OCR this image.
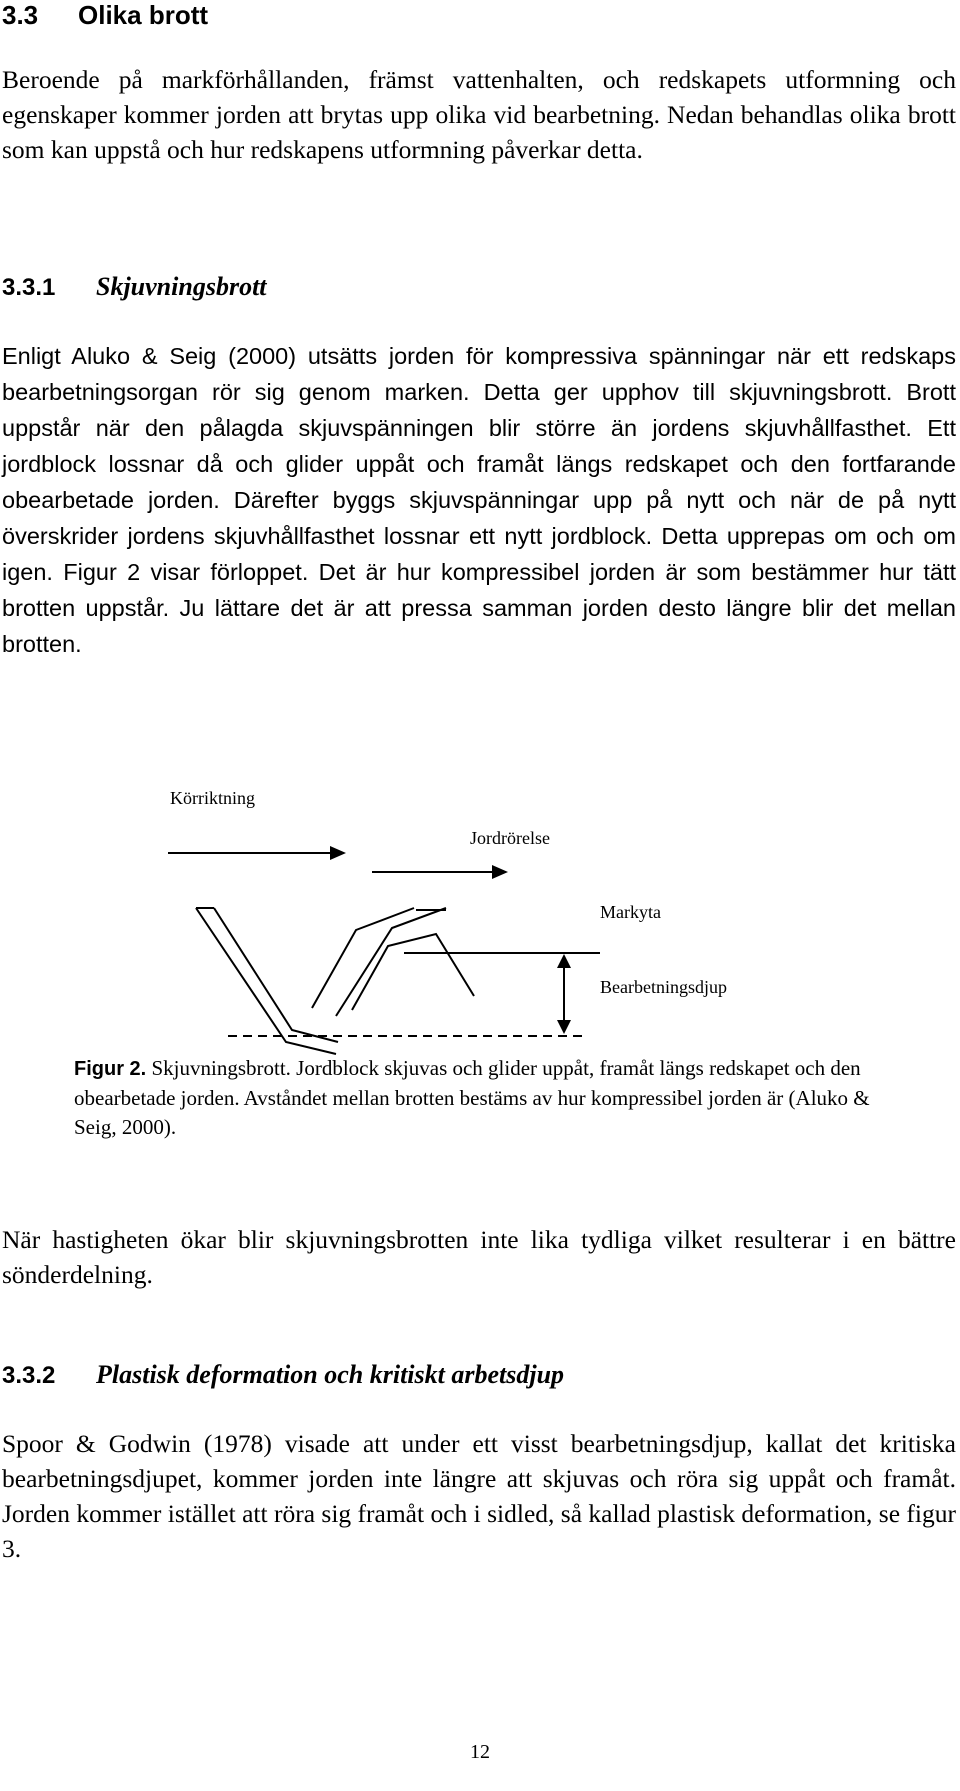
3.3 Olika brott

Beroende på markförhållanden, främst vattenhalten, och redskapets utformning och egenskaper kommer jorden att brytas upp olika vid bearbetning. Nedan behandlas olika brott som kan uppstå och hur redskapens utformning påverkar detta.

3.3.1 Skjuvningsbrott

Enligt Aluko & Seig (2000) utsätts jorden för kompressiva spänningar när ett redskaps bearbetningsorgan rör sig genom marken. Detta ger upphov till skjuvningsbrott. Brott uppstår när den pålagda skjuvspänningen blir större än jordens skjuvhållfasthet. Ett jordblock lossnar då och glider uppåt och framåt längs redskapet och den fortfarande obearbetade jorden. Därefter byggs skjuvspänningar upp på nytt och när de på nytt överskrider jordens skjuvhållfasthet lossnar ett nytt jordblock. Detta upprepas om och om igen. Figur 2 visar förloppet. Det är hur kompressibel jorden är som bestämmer hur tätt brotten uppstår. Ju lättare det är att pressa samman jorden desto längre blir det mellan brotten.

Körriktning
Jordrörelse
Markyta
Bearbetningsdjup

Figur 2. Skjuvningsbrott. Jordblock skjuvas och glider uppåt, framåt längs redskapet och den obearbetade jorden. Avståndet mellan brotten bestäms av hur kompressibel jorden är (Aluko & Seig, 2000).

När hastigheten ökar blir skjuvningsbrotten inte lika tydliga vilket resulterar i en bättre sönderdelning.

3.3.2 Plastisk deformation och kritiskt arbetsdjup

Spoor & Godwin (1978) visade att under ett visst bearbetningsdjup, kallat det kritiska bearbetningsdjupet, kommer jorden inte längre att skjuvas och röra sig uppåt och framåt. Jorden kommer istället att röra sig framåt och i sidled, så kallad plastisk deformation, se figur 3.

12
